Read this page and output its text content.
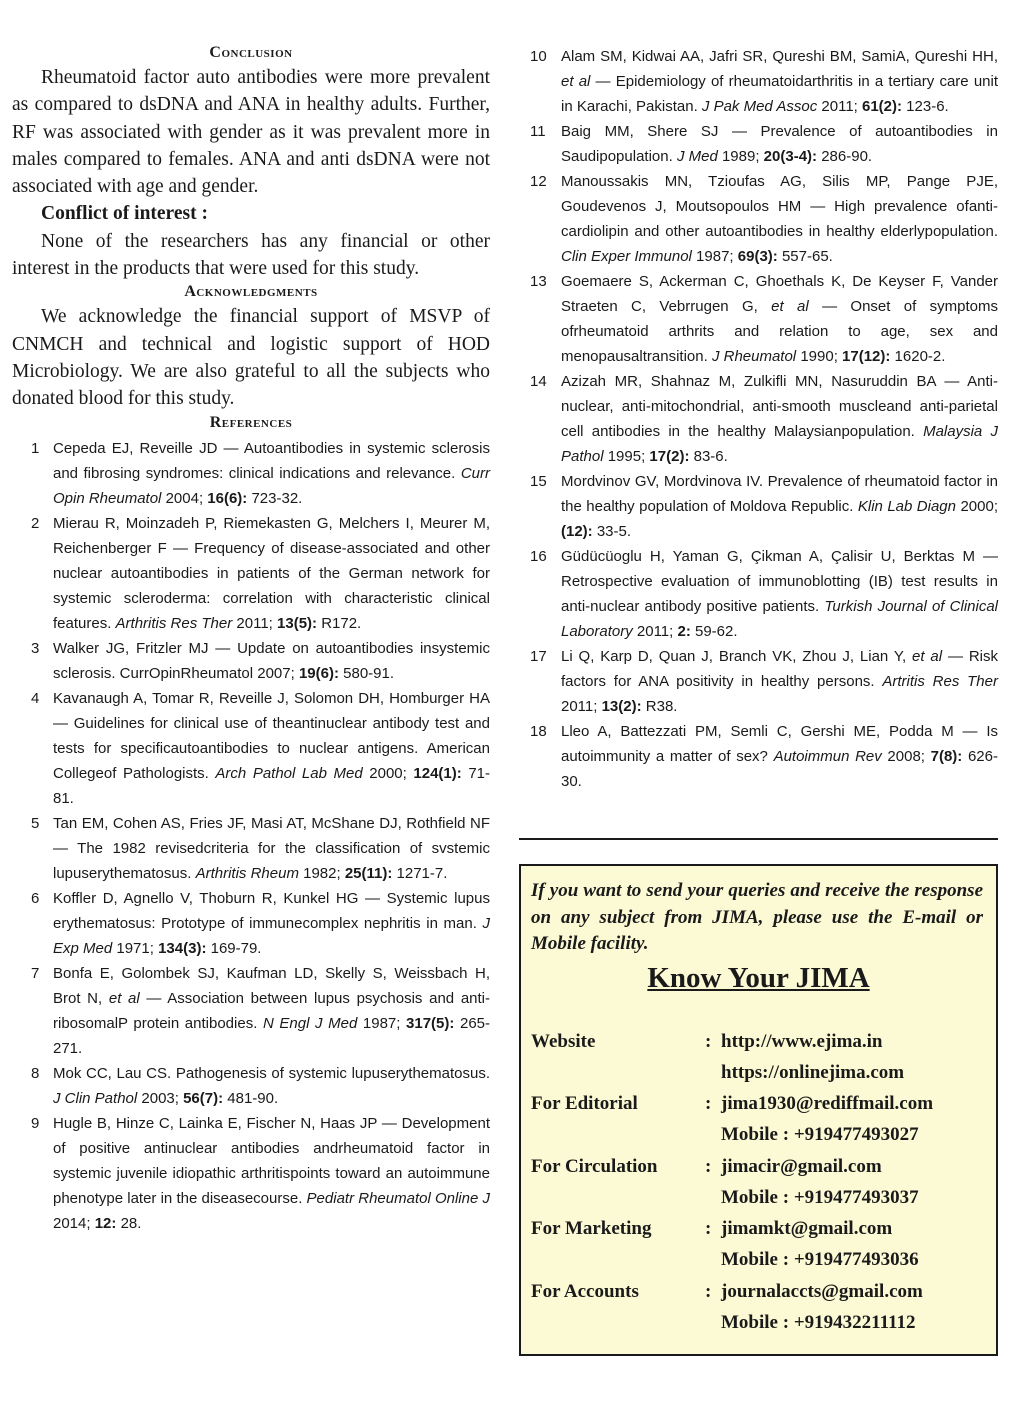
Conclusion

Rheumatoid factor auto antibodies were more prevalent as compared to dsDNA and ANA in healthy adults. Further, RF was associated with gender as it was prevalent more in males compared to females. ANA and anti dsDNA were not associated with age and gender.

Conflict of interest :

None of the researchers has any financial or other interest in the products that were used for this study.

Acknowledgments

We acknowledge the financial support of MSVP of CNMCH and technical and logistic support of HOD Microbiology. We are also grateful to all the subjects who donated blood for this study.

References
1 Cepeda EJ, Reveille JD — Autoantibodies in systemic sclerosis and fibrosing syndromes: clinical indications and relevance. Curr Opin Rheumatol 2004; 16(6): 723-32.
2 Mierau R, Moinzadeh P, Riemekasten G, Melchers I, Meurer M, Reichenberger F — Frequency of disease-associated and other nuclear autoantibodies in patients of the German network for systemic scleroderma: correlation with characteristic clinical features. Arthritis Res Ther 2011; 13(5): R172.
3 Walker JG, Fritzler MJ — Update on autoantibodies insystemic sclerosis. CurrOpinRheumatol 2007; 19(6): 580-91.
4 Kavanaugh A, Tomar R, Reveille J, Solomon DH, Homburger HA — Guidelines for clinical use of theantinuclear antibody test and tests for specificautoantibodies to nuclear antigens. American Collegeof Pathologists. Arch Pathol Lab Med 2000; 124(1): 71-81.
5 Tan EM, Cohen AS, Fries JF, Masi AT, McShane DJ, Rothfield NF — The 1982 revisedcriteria for the classification of svstemic lupuserythematosus. Arthritis Rheum 1982; 25(11): 1271-7.
6 Koffler D, Agnello V, Thoburn R, Kunkel HG — Systemic lupus erythematosus: Prototype of immunecomplex nephritis in man. J Exp Med 1971; 134(3): 169-79.
7 Bonfa E, Golombek SJ, Kaufman LD, Skelly S, Weissbach H, Brot N, et al — Association between lupus psychosis and anti-ribosomalP protein antibodies. N Engl J Med 1987; 317(5): 265-271.
8 Mok CC, Lau CS. Pathogenesis of systemic lupuserythematosus. J Clin Pathol 2003; 56(7): 481-90.
9 Hugle B, Hinze C, Lainka E, Fischer N, Haas JP — Development of positive antinuclear antibodies andrheumatoid factor in systemic juvenile idiopathic arthritispoints toward an autoimmune phenotype later in the diseasecourse. Pediatr Rheumatol Online J 2014; 12: 28.
10 Alam SM, Kidwai AA, Jafri SR, Qureshi BM, SamiA, Qureshi HH, et al — Epidemiology of rheumatoidarthritis in a tertiary care unit in Karachi, Pakistan. J Pak Med Assoc 2011; 61(2): 123-6.
11 Baig MM, Shere SJ — Prevalence of autoantibodies in Saudipopulation. J Med 1989; 20(3-4): 286-90.
12 Manoussakis MN, Tzioufas AG, Silis MP, Pange PJE, Goudevenos J, Moutsopoulos HM — High prevalence ofanti-cardiolipin and other autoantibodies in healthy elderlypopulation. Clin Exper Immunol 1987; 69(3): 557-65.
13 Goemaere S, Ackerman C, Ghoethals K, De Keyser F, Vander Straeten C, Vebrrugen G, et al — Onset of symptoms ofrheumatoid arthrits and relation to age, sex and menopausaltransition. J Rheumatol 1990; 17(12): 1620-2.
14 Azizah MR, Shahnaz M, Zulkifli MN, Nasuruddin BA — Anti-nuclear, anti-mitochondrial, anti-smooth muscleand anti-parietal cell antibodies in the healthy Malaysianpopulation. Malaysia J Pathol 1995; 17(2): 83-6.
15 Mordvinov GV, Mordvinova IV. Prevalence of rheumatoid factor in the healthy population of Moldova Republic. Klin Lab Diagn 2000; (12): 33-5.
16 Güdücüoglu H, Yaman G, Çikman A, Çalisir U, Berktas M — Retrospective evaluation of immunoblotting (IB) test results in anti-nuclear antibody positive patients. Turkish Journal of Clinical Laboratory 2011; 2: 59-62.
17 Li Q, Karp D, Quan J, Branch VK, Zhou J, Lian Y, et al — Risk factors for ANA positivity in healthy persons. Artritis Res Ther 2011; 13(2): R38.
18 Lleo A, Battezzati PM, Semli C, Gershi ME, Podda M — Is autoimmunity a matter of sex? Autoimmun Rev 2008; 7(8): 626-30.

If you want to send your queries and receive the response on any subject from JIMA, please use the E-mail or Mobile facility.

Know Your JIMA
Website	: http://www.ejima.in
https://onlinejima.com
For Editorial	: jima1930@rediffmail.com
Mobile : +919477493027
For Circulation	: jimacir@gmail.com
Mobile : +919477493037
For Marketing	: jimamkt@gmail.com
Mobile : +919477493036
For Accounts	: journalaccts@gmail.com
Mobile : +919432211112
